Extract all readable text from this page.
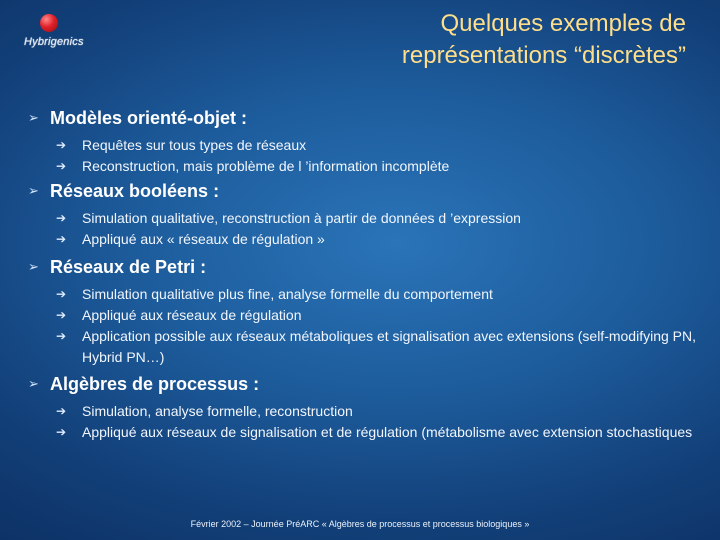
Hybrigenics
Quelques exemples de
représentations “discrètes”
➢ Modèles orienté-objet :
➔ Requêtes sur tous types de réseaux
➔ Reconstruction, mais problème de l ’information incomplète
➢ Réseaux booléens :
➔ Simulation qualitative, reconstruction à partir de données d ’expression
➔ Appliqué aux « réseaux de régulation »
➢ Réseaux de Petri :
➔ Simulation qualitative plus fine, analyse formelle du comportement
➔ Appliqué aux réseaux de régulation
➔ Application possible aux réseaux métaboliques et signalisation avec extensions (self-modifying PN, Hybrid PN…)
➢ Algèbres de processus :
➔ Simulation, analyse formelle, reconstruction
➔ Appliqué aux réseaux de signalisation et de régulation (métabolisme avec extension stochastiques
Février 2002 – Journée PréARC « Algèbres de processus et processus biologiques »
